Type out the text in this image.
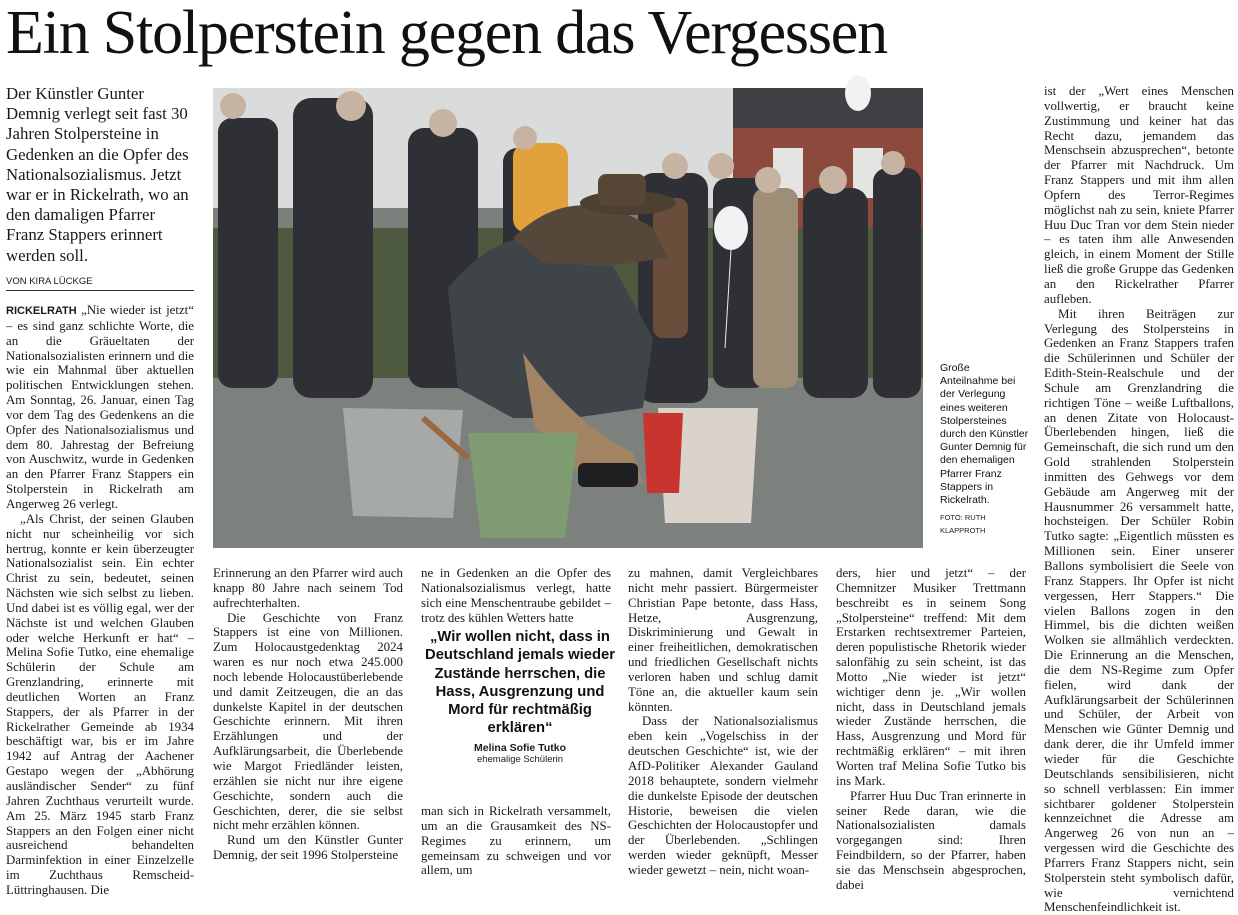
Ein Stolperstein gegen das Vergessen
Der Künstler Gunter Demnig verlegt seit fast 30 Jahren Stolpersteine in Gedenken an die Opfer des Nationalsozialismus. Jetzt war er in Rickelrath, wo an den damaligen Pfarrer Franz Stappers erinnert werden soll.
VON KIRA LÜCKGE

RICKELRATH „Nie wieder ist jetzt“ – es sind ganz schlichte Worte, die an die Gräueltaten der Nationalsozialisten erinnern und die wie ein Mahnmal über aktuellen politischen Entwicklungen stehen. Am Sonntag, 26. Januar, einen Tag vor dem Tag des Gedenkens an die Opfer des Nationalsozialismus und dem 80. Jahrestag der Befreiung von Auschwitz, wurde in Gedenken an den Pfarrer Franz Stappers ein Stolperstein in Rickelrath am Angerweg 26 verlegt.

„Als Christ, der seinen Glauben nicht nur scheinheilig vor sich hertrug, konnte er kein überzeugter Nationalsozialist sein. Ein echter Christ zu sein, bedeutet, seinen Nächsten wie sich selbst zu lieben. Und dabei ist es völlig egal, wer der Nächste ist und welchen Glauben oder welche Herkunft er hat“ – Melina Sofie Tutko, eine ehemalige Schülerin der Schule am Grenzlandring, erinnerte mit deutlichen Worten an Franz Stappers, der als Pfarrer in der Rickelrather Gemeinde ab 1934 beschäftigt war, bis er im Jahre 1942 auf Antrag der Aachener Gestapo wegen der „Abhörung ausländischer Sender“ zu fünf Jahren Zuchthaus verurteilt wurde. Am 25. März 1945 starb Franz Stappers an den Folgen einer nicht ausreichend behandelten Darminfektion in einer Einzelzelle im Zuchthaus Remscheid-Lüttringhausen. Die

Große Anteilnahme bei der Verlegung eines weiteren Stolpersteines durch den Künstler Gunter Demnig für den ehemaligen Pfarrer Franz Stappers in Rickelrath.
FOTO: RUTH KLAPPROTH

Erinnerung an den Pfarrer wird auch knapp 80 Jahre nach seinem Tod aufrechterhalten.

Die Geschichte von Franz Stappers ist eine von Millionen. Zum Holocaustgedenktag 2024 waren es nur noch etwa 245.000 noch lebende Holocaustüberlebende und damit Zeitzeugen, die an das dunkelste Kapitel in der deutschen Geschichte erinnern. Mit ihren Erzählungen und der Aufklärungsarbeit, die Überlebende wie Margot Friedländer leisten, erzählen sie nicht nur ihre eigene Geschichte, sondern auch die Geschichten, derer, die sie selbst nicht mehr erzählen können.

Rund um den Künstler Gunter Demnig, der seit 1996 Stolpersteine

ne in Gedenken an die Opfer des Nationalsozialismus verlegt, hatte sich eine Menschentraube gebildet – trotz des kühlen Wetters hatte

„Wir wollen nicht, dass in Deutschland jemals wieder Zustände herrschen, die Hass, Ausgrenzung und Mord für rechtmäßig erklären“
Melina Sofie Tutko
ehemalige Schülerin

man sich in Rickelrath versammelt, um an die Grausamkeit des NS-Regimes zu erinnern, um gemeinsam zu schweigen und vor allem, um

zu mahnen, damit Vergleichbares nicht mehr passiert. Bürgermeister Christian Pape betonte, dass Hass, Hetze, Ausgrenzung, Diskriminierung und Gewalt in einer freiheitlichen, demokratischen und friedlichen Gesellschaft nichts verloren haben und schlug damit Töne an, die aktueller kaum sein könnten.

Dass der Nationalsozialismus eben kein „Vogelschiss in der deutschen Geschichte“ ist, wie der AfD-Politiker Alexander Gauland 2018 behauptete, sondern vielmehr die dunkelste Episode der deutschen Historie, beweisen die vielen Geschichten der Holocaustopfer und der Überlebenden. „Schlingen werden wieder geknüpft, Messer wieder gewetzt – nein, nicht woan-

ders, hier und jetzt“ – der Chemnitzer Musiker Trettmann beschreibt es in seinem Song „Stolpersteine“ treffend: Mit dem Erstarken rechtsextremer Parteien, deren populistische Rhetorik wieder salonfähig zu sein scheint, ist das Motto „Nie wieder ist jetzt“ wichtiger denn je. „Wir wollen nicht, dass in Deutschland jemals wieder Zustände herrschen, die Hass, Ausgrenzung und Mord für rechtmäßig erklären“ – mit ihren Worten traf Melina Sofie Tutko bis ins Mark.

Pfarrer Huu Duc Tran erinnerte in seiner Rede daran, wie die Nationalsozialisten damals vorgegangen sind: Ihren Feindbildern, so der Pfarrer, haben sie das Menschsein abgesprochen, dabei

ist der „Wert eines Menschen vollwertig, er braucht keine Zustimmung und keiner hat das Recht dazu, jemandem das Menschsein abzusprechen“, betonte der Pfarrer mit Nachdruck. Um Franz Stappers und mit ihm allen Opfern des Terror-Regimes möglichst nah zu sein, kniete Pfarrer Huu Duc Tran vor dem Stein nieder – es taten ihm alle Anwesenden gleich, in einem Moment der Stille ließ die große Gruppe das Gedenken an den Rickelrather Pfarrer aufleben.

Mit ihren Beiträgen zur Verlegung des Stolpersteins in Gedenken an Franz Stappers trafen die Schülerinnen und Schüler der Edith-Stein-Realschule und der Schule am Grenzlandring die richtigen Töne – weiße Luftballons, an denen Zitate von Holocaust-Überlebenden hingen, ließ die Gemeinschaft, die sich rund um den Gold strahlenden Stolperstein inmitten des Gehwegs vor dem Gebäude am Angerweg mit der Hausnummer 26 versammelt hatte, hochsteigen. Der Schüler Robin Tutko sagte: „Eigentlich müssten es Millionen sein. Einer unserer Ballons symbolisiert die Seele von Franz Stappers. Ihr Opfer ist nicht vergessen, Herr Stappers.“ Die vielen Ballons zogen in den Himmel, bis die dichten weißen Wolken sie allmählich verdeckten. Die Erinnerung an die Menschen, die dem NS-Regime zum Opfer fielen, wird dank der Aufklärungsarbeit der Schülerinnen und Schüler, der Arbeit von Menschen wie Günter Demnig und dank derer, die ihr Umfeld immer wieder für die Geschichte Deutschlands sensibilisieren, nicht so schnell verblassen: Ein immer sichtbarer goldener Stolperstein kennzeichnet die Adresse am Angerweg 26 von nun an – vergessen wird die Geschichte des Pfarrers Franz Stappers nicht, sein Stolperstein steht symbolisch dafür, wie vernichtend Menschenfeindlichkeit ist.
